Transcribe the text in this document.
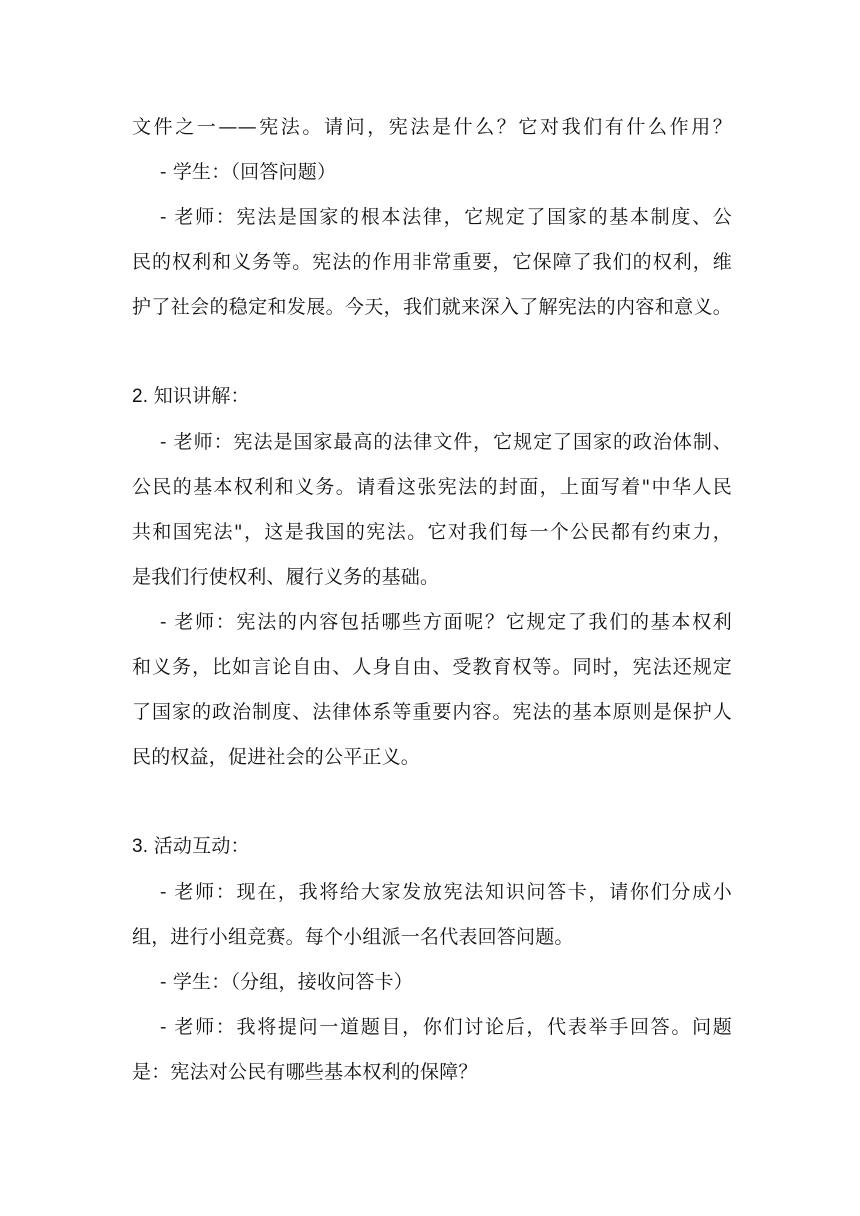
文件之一——宪法。请问，宪法是什么？它对我们有什么作用？
- 学生：（回答问题）
- 老师：宪法是国家的根本法律，它规定了国家的基本制度、公
民的权利和义务等。宪法的作用非常重要，它保障了我们的权利，维
护了社会的稳定和发展。今天，我们就来深入了解宪法的内容和意义。
2. 知识讲解：
- 老师：宪法是国家最高的法律文件，它规定了国家的政治体制、
公民的基本权利和义务。请看这张宪法的封面，上面写着"中华人民
共和国宪法"，这是我国的宪法。它对我们每一个公民都有约束力，
是我们行使权利、履行义务的基础。
- 老师：宪法的内容包括哪些方面呢？它规定了我们的基本权利
和义务，比如言论自由、人身自由、受教育权等。同时，宪法还规定
了国家的政治制度、法律体系等重要内容。宪法的基本原则是保护人
民的权益，促进社会的公平正义。
3. 活动互动：
- 老师：现在，我将给大家发放宪法知识问答卡，请你们分成小
组，进行小组竞赛。每个小组派一名代表回答问题。
- 学生：（分组，接收问答卡）
- 老师：我将提问一道题目，你们讨论后，代表举手回答。问题
是：宪法对公民有哪些基本权利的保障？
